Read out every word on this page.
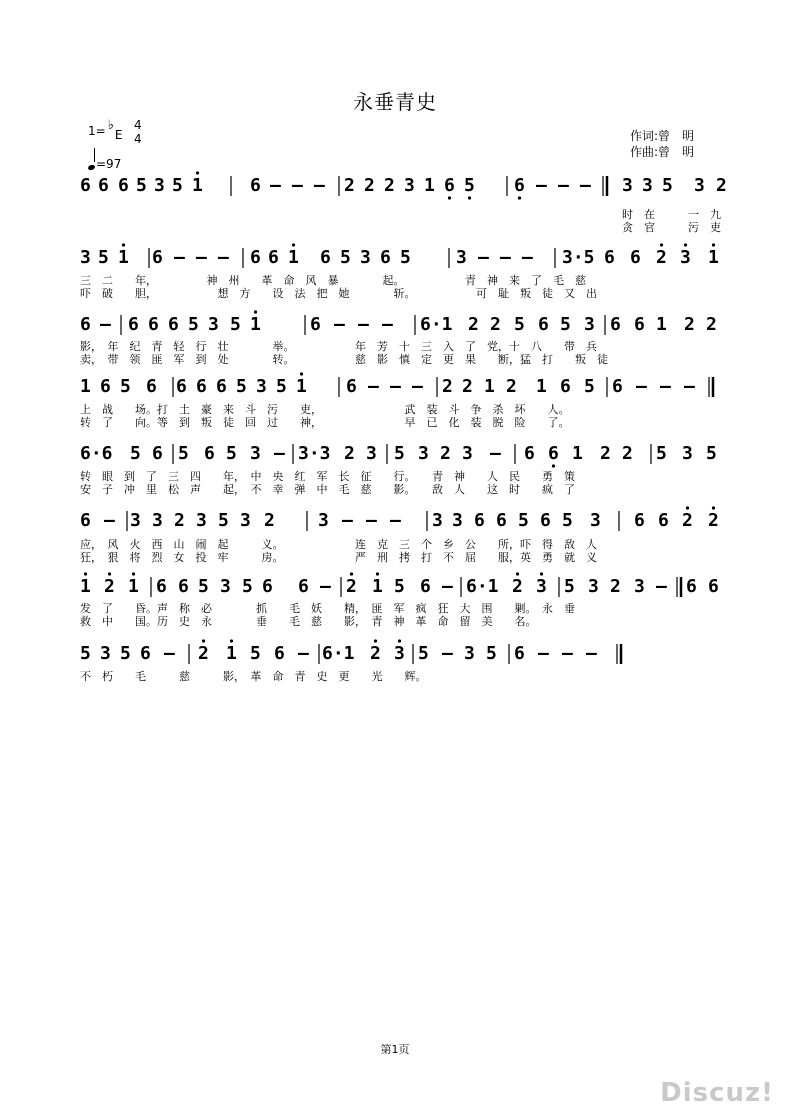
永垂青史
1= ♭E
4
4
=97
作词:曾　明
作曲:曾　明
6 6 6 5 3 5 1	6 – – – 2 2 2 3 1 6 5 6 – – – 3 3 5 3 2
3 5 1 6 – – – 6 6 1 6 5 3 6 5	3 – – – 3·5 6 6 2 3 1
6 – 6 6 6 5 3 5 1	6 – – – 6·1 2 2 5 6 5 3 6 6 1 2 2
1 6 5 6 6 6 6 5 3 5 1 6 – – – 2 2 1 2 1 6 5 6 – – –
6·6 5 6 5 6 5 3 – 3·3 2 3 5 3 2 3 – 6 6 1 2 2 5 3 5
6 – 3 3 2 3 5 3 2 3 – – – 3 3 6 6 5 6 5 3 6 6 2 2
1 2 1 6 6 5 3 5 6 6 – 2 1 5 6 – 6·1 2 3 5 3 2 3 – 6 6
5 3 5 6 – 2 1 5 6 – 6·1 2 3 5 – 3 5 6 – – –
时　在　　　一　九
贪　官　　　污　吏
三　二　　年，　　　　　神　州　　革　命　风　暴　　　　起。　　　　　　青　神　来　了　毛　慈
吓　破　　胆，　　　　　　想　方　　设　法　把　她　　　　斩。　　　　　　可　耻　叛　徒　又　出
影，　年　纪　青　轻　行　壮　　　　举。　　　　　　年　芳　十　三　入　了　党，十　八　　带　兵
卖，　带　领　匪　军　到　处　　　　转。　　　　　　慈　影　慎　定　更　果　　断，猛　打　　叛　徒
上　战　　场。打　土　豪　来　斗　污　　吏，　　　　　　　　武　装　斗　争　杀　坏　　人。
转　了　　向。等　到　叛　徒　回　过　　神，　　　　　　　　早　已　化　装　脱　险　　了。
转　眼　到　了　三　四　　年，　中　央　红　军　长　征　　行。　　青　神　　人　民　　勇　策
安　子　冲　里　松　声　　起，　不　幸　弹　中　毛　慈　　影。　　敌　人　　这　时　　疯　了
应，　风　火　西　山　闹　起　　　义。　　　　　　　连　克　三　个　乡　公　　所，吓　得　敌　人
狂，　狠　将　烈　女　投　牢　　　房。　　　　　　　严　刑　拷　打　不　屈　　服，英　勇　就　义
发　了　　昏。声　称　必　　　　抓　　毛　妖　　精，　匪　军　疯　狂　大　围　　剿。　永　垂
救　中　　国。历　史　永　　　　垂　　毛　慈　　影，　青　神　革　命　留　美　　名。
不　朽　　毛　　　慈　　　影，　革　命　青　史　更　　光　　辉。
第1页
Discuz!
